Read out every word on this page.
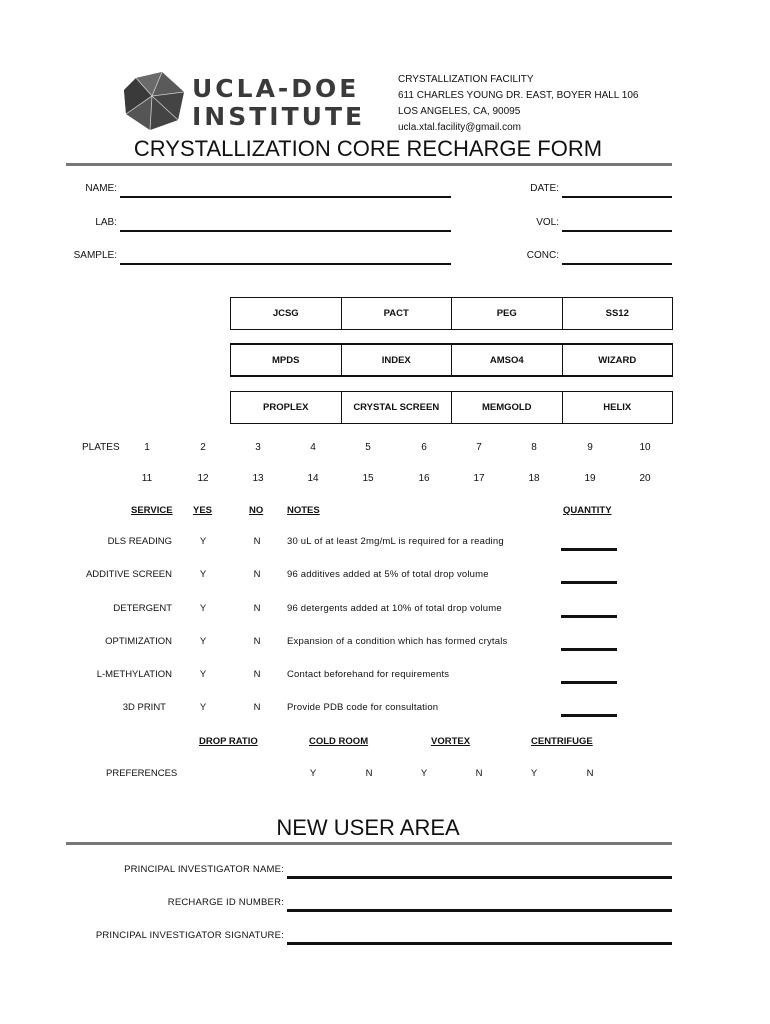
UCLA-DOE
INSTITUTE
CRYSTALLIZATION FACILITY
611 CHARLES YOUNG DR. EAST, BOYER HALL 106
LOS ANGELES, CA, 90095
ucla.xtal.facility@gmail.com
CRYSTALLIZATION CORE RECHARGE FORM
NAME:
LAB:
SAMPLE:
DATE:
VOL:
CONC:
JCSG	PACT	PEG	SS12
MPDS	INDEX	AMSO4	WIZARD
PROPLEX	CRYSTAL SCREEN	MEMGOLD	HELIX
PLATES	1	2	3	4	5	6	7	8	9	10
11	12	13	14	15	16	17	18	19	20
SERVICE YES	NO	NOTES	QUANTITY
DLS READING	Y	N	30 uL of at least 2mg/mL is required for a reading
ADDITIVE SCREEN	Y	N	96 additives added at 5% of total drop volume
DETERGENT	Y	N	96 detergents added at 10% of total drop volume
OPTIMIZATION	Y	N	Expansion of a condition which has formed crytals
L-METHYLATION	Y	N	Contact beforehand for requirements
3D PRINT	Y	N	Provide PDB code for consultation
DROP RATIO	COLD ROOM	VORTEX	CENTRIFUGE
PREFERENCES	Y	N	Y	N	Y	N
NEW USER AREA
PRINCIPAL INVESTIGATOR NAME:
RECHARGE ID NUMBER:
PRINCIPAL INVESTIGATOR SIGNATURE:
